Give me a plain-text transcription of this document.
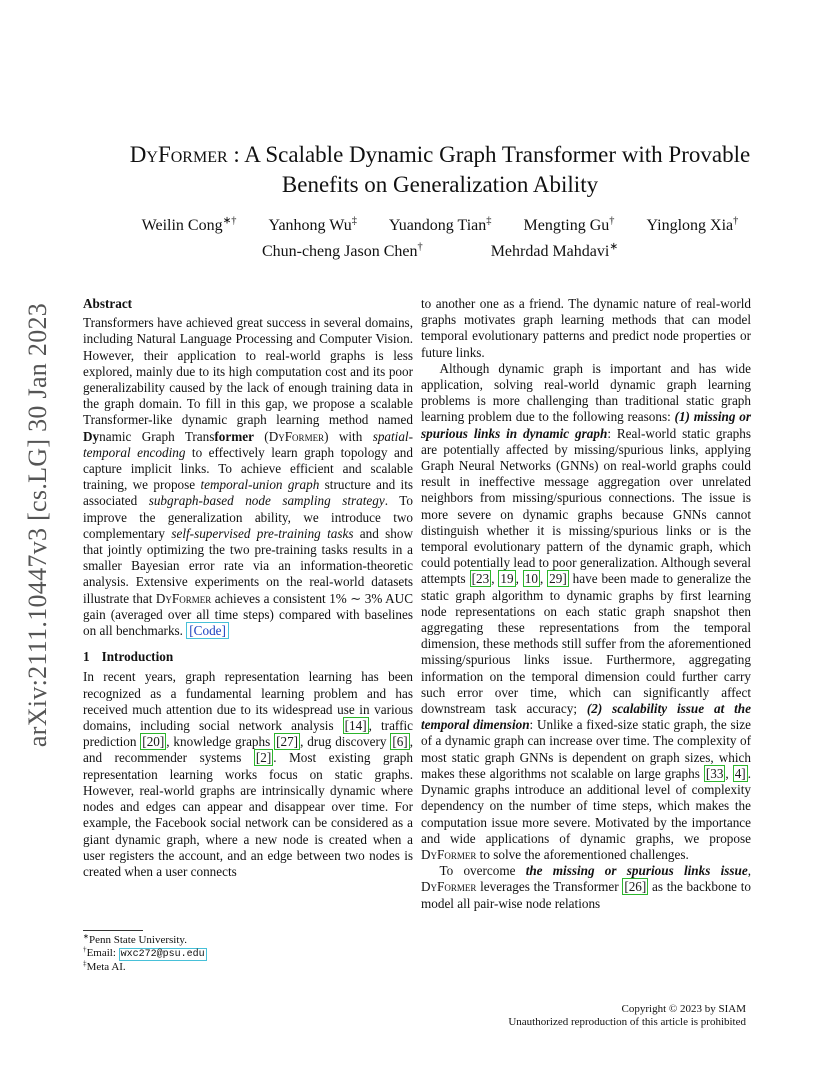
arXiv:2111.10447v3 [cs.LG] 30 Jan 2023
DyFormer : A Scalable Dynamic Graph Transformer with Provable
Benefits on Generalization Ability
Weilin Cong∗† Yanhong Wu‡ Yuandong Tian‡ Mengting Gu† Yinglong Xia†
Chun-cheng Jason Chen†	Mehrdad Mahdavi∗

Abstract

Transformers have achieved great success in several domains, including Natural Language Processing and Computer Vision. However, their application to real-world graphs is less explored, mainly due to its high computation cost and its poor generalizability caused by the lack of enough training data in the graph domain. To fill in this gap, we propose a scalable Transformer-like dynamic graph learning method named Dynamic Graph Transformer (DyFormer) with spatial-temporal encoding to effectively learn graph topology and capture implicit links. To achieve efficient and scalable training, we propose temporal-union graph structure and its associated subgraph-based node sampling strategy. To improve the generalization ability, we introduce two complementary self-supervised pre-training tasks and show that jointly optimizing the two pre-training tasks results in a smaller Bayesian error rate via an information-theoretic analysis. Extensive experiments on the real-world datasets illustrate that DyFormer achieves a consistent 1% ∼ 3% AUC gain (averaged over all time steps) compared with baselines on all benchmarks. [Code]

1 Introduction

In recent years, graph representation learning has been recognized as a fundamental learning problem and has received much attention due to its widespread use in various domains, including social network analysis [14] , traffic prediction [20] , knowledge graphs [27] , drug discovery [6] , and recommender systems [2] . Most existing graph representation learning works focus on static graphs. However, real-world graphs are intrinsically dynamic where nodes and edges can appear and disappear over time. For example, the Facebook social network can be considered as a giant dynamic graph, where a new node is created when a user registers the account, and an edge between two nodes is created when a user connects

to another one as a friend. The dynamic nature of real-world graphs motivates graph learning methods that can model temporal evolutionary patterns and predict node properties or future links.

Although dynamic graph is important and has wide application, solving real-world dynamic graph learning problems is more challenging than traditional static graph learning problem due to the following reasons: (1) missing or spurious links in dynamic graph: Real-world static graphs are potentially affected by missing/spurious links, applying Graph Neural Networks (GNNs) on real-world graphs could result in ineffective message aggregation over unrelated neighbors from missing/spurious connections. The issue is more severe on dynamic graphs because GNNs cannot distinguish whether it is missing/spurious links or is the temporal evolutionary pattern of the dynamic graph, which could potentially lead to poor generalization. Although several attempts [23 , 19 , 10 , 29] have been made to generalize the static graph algorithm to dynamic graphs by first learning node representations on each static graph snapshot then aggregating these representations from the temporal dimension, these methods still suffer from the aforementioned missing/spurious links issue. Furthermore, aggregating information on the temporal dimension could further carry such error over time, which can significantly affect downstream task accuracy; (2) scalability issue at the temporal dimension: Unlike a fixed-size static graph, the size of a dynamic graph can increase over time. The complexity of most static graph GNNs is dependent on graph sizes, which makes these algorithms not scalable on large graphs [33 , 4] . Dynamic graphs introduce an additional level of complexity dependency on the number of time steps, which makes the computation issue more severe. Motivated by the importance and wide applications of dynamic graphs, we propose DyFormer to solve the aforementioned challenges.

To overcome the missing or spurious links issue, DyFormer leverages the Transformer [26] as the backbone to model all pair-wise node relations

∗Penn State University.
†Email: wxc272@psu.edu
‡Meta AI.
Copyright © 2023 by SIAM
Unauthorized reproduction of this article is prohibited
